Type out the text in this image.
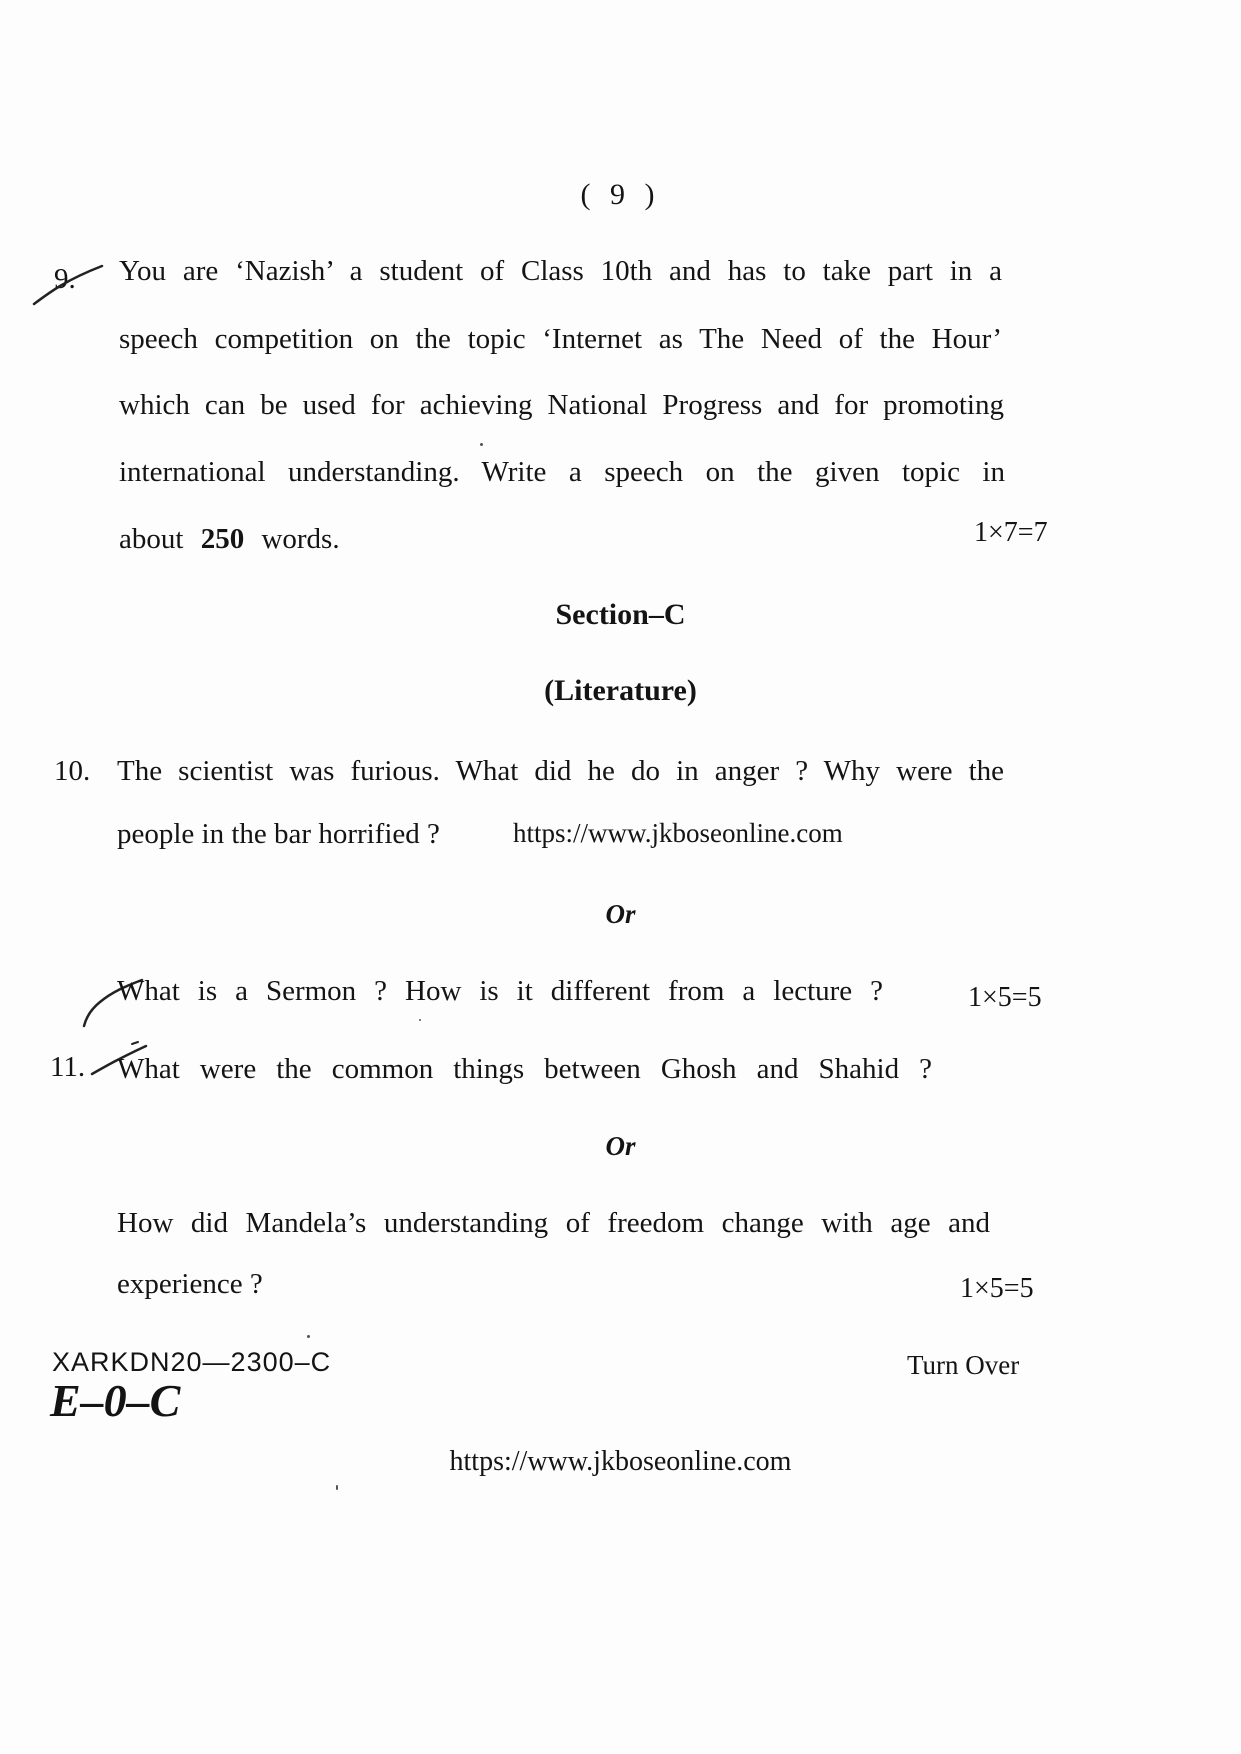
( 9 )
9. You are ‘Nazish’ a student of Class 10th and has to take part in a
speech competition on the topic ‘Internet as The Need of the Hour’
which can be used for achieving National Progress and for promoting
international understanding. Write a speech on the given topic in
about 250 words.	1×7=7
Section–C
(Literature)
10. The scientist was furious. What did he do in anger ? Why were the
people in the bar horrified ?	https://www.jkboseonline.com
Or
What is a Sermon ? How is it different from a lecture ?	1×5=5
11. What were the common things between Ghosh and Shahid ?
Or
How did Mandela’s understanding of freedom change with age and
experience ?	1×5=5
XARKDN20—2300–C	Turn Over
E–0–C
https://www.jkboseonline.com
